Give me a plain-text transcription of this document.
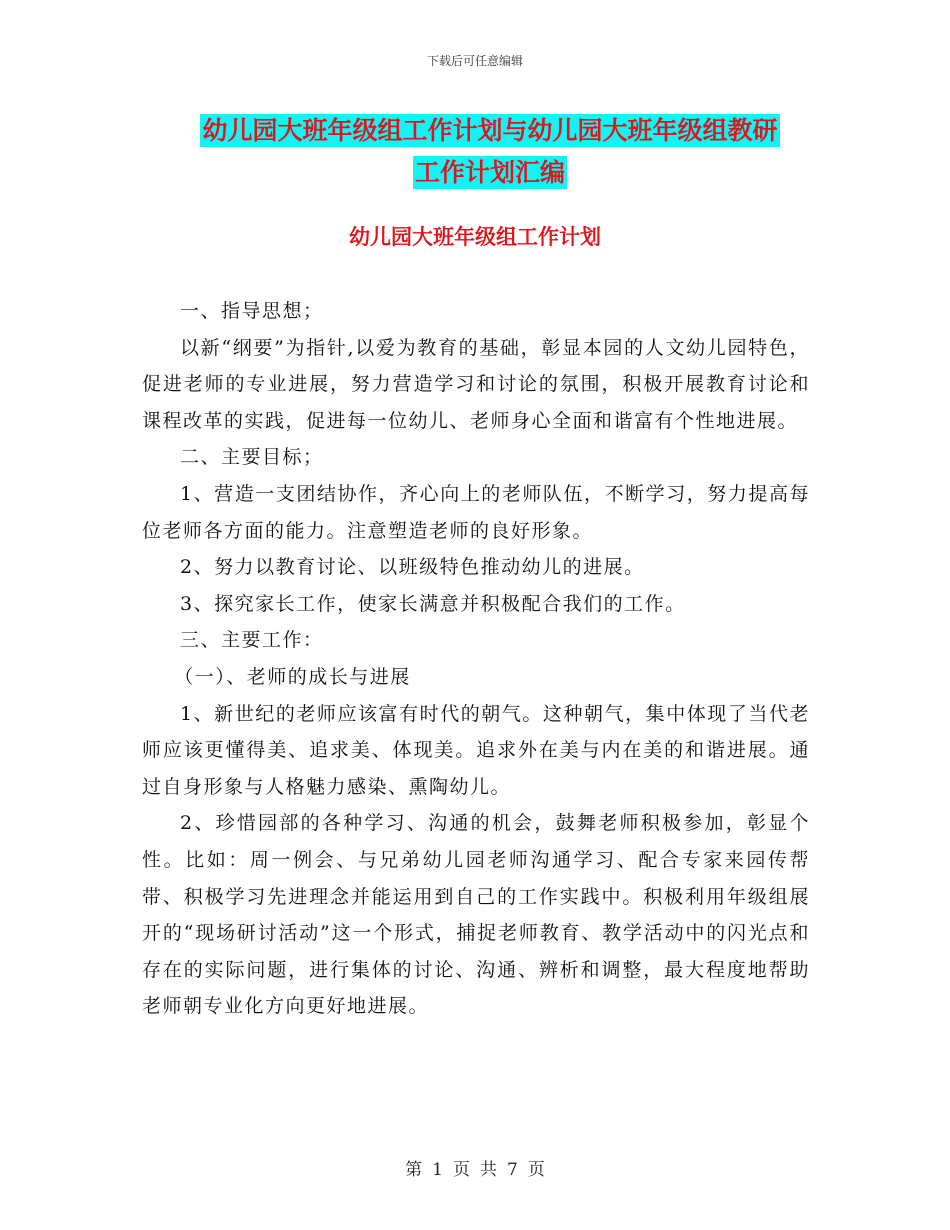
下载后可任意编辑
幼儿园大班年级组工作计划与幼儿园大班年级组教研
工作计划汇编
幼儿园大班年级组工作计划

一、指导思想；

以新“纲要”为指针,以爱为教育的基础，彰显本园的人文幼儿园特色，促进老师的专业进展，努力营造学习和讨论的氛围，积极开展教育讨论和课程改革的实践，促进每一位幼儿、老师身心全面和谐富有个性地进展。

二、主要目标；

1、营造一支团结协作，齐心向上的老师队伍，不断学习，努力提高每位老师各方面的能力。注意塑造老师的良好形象。

2、努力以教育讨论、以班级特色推动幼儿的进展。

3、探究家长工作，使家长满意并积极配合我们的工作。

三、主要工作：

（一）、老师的成长与进展

1、新世纪的老师应该富有时代的朝气。这种朝气，集中体现了当代老师应该更懂得美、追求美、体现美。追求外在美与内在美的和谐进展。通过自身形象与人格魅力感染、熏陶幼儿。

2、珍惜园部的各种学习、沟通的机会，鼓舞老师积极参加，彰显个性。比如：周一例会、与兄弟幼儿园老师沟通学习、配合专家来园传帮带、积极学习先进理念并能运用到自己的工作实践中。积极利用年级组展开的“现场研讨活动”这一个形式，捕捉老师教育、教学活动中的闪光点和存在的实际问题，进行集体的讨论、沟通、辨析和调整，最大程度地帮助老师朝专业化方向更好地进展。

第 1 页 共 7 页
